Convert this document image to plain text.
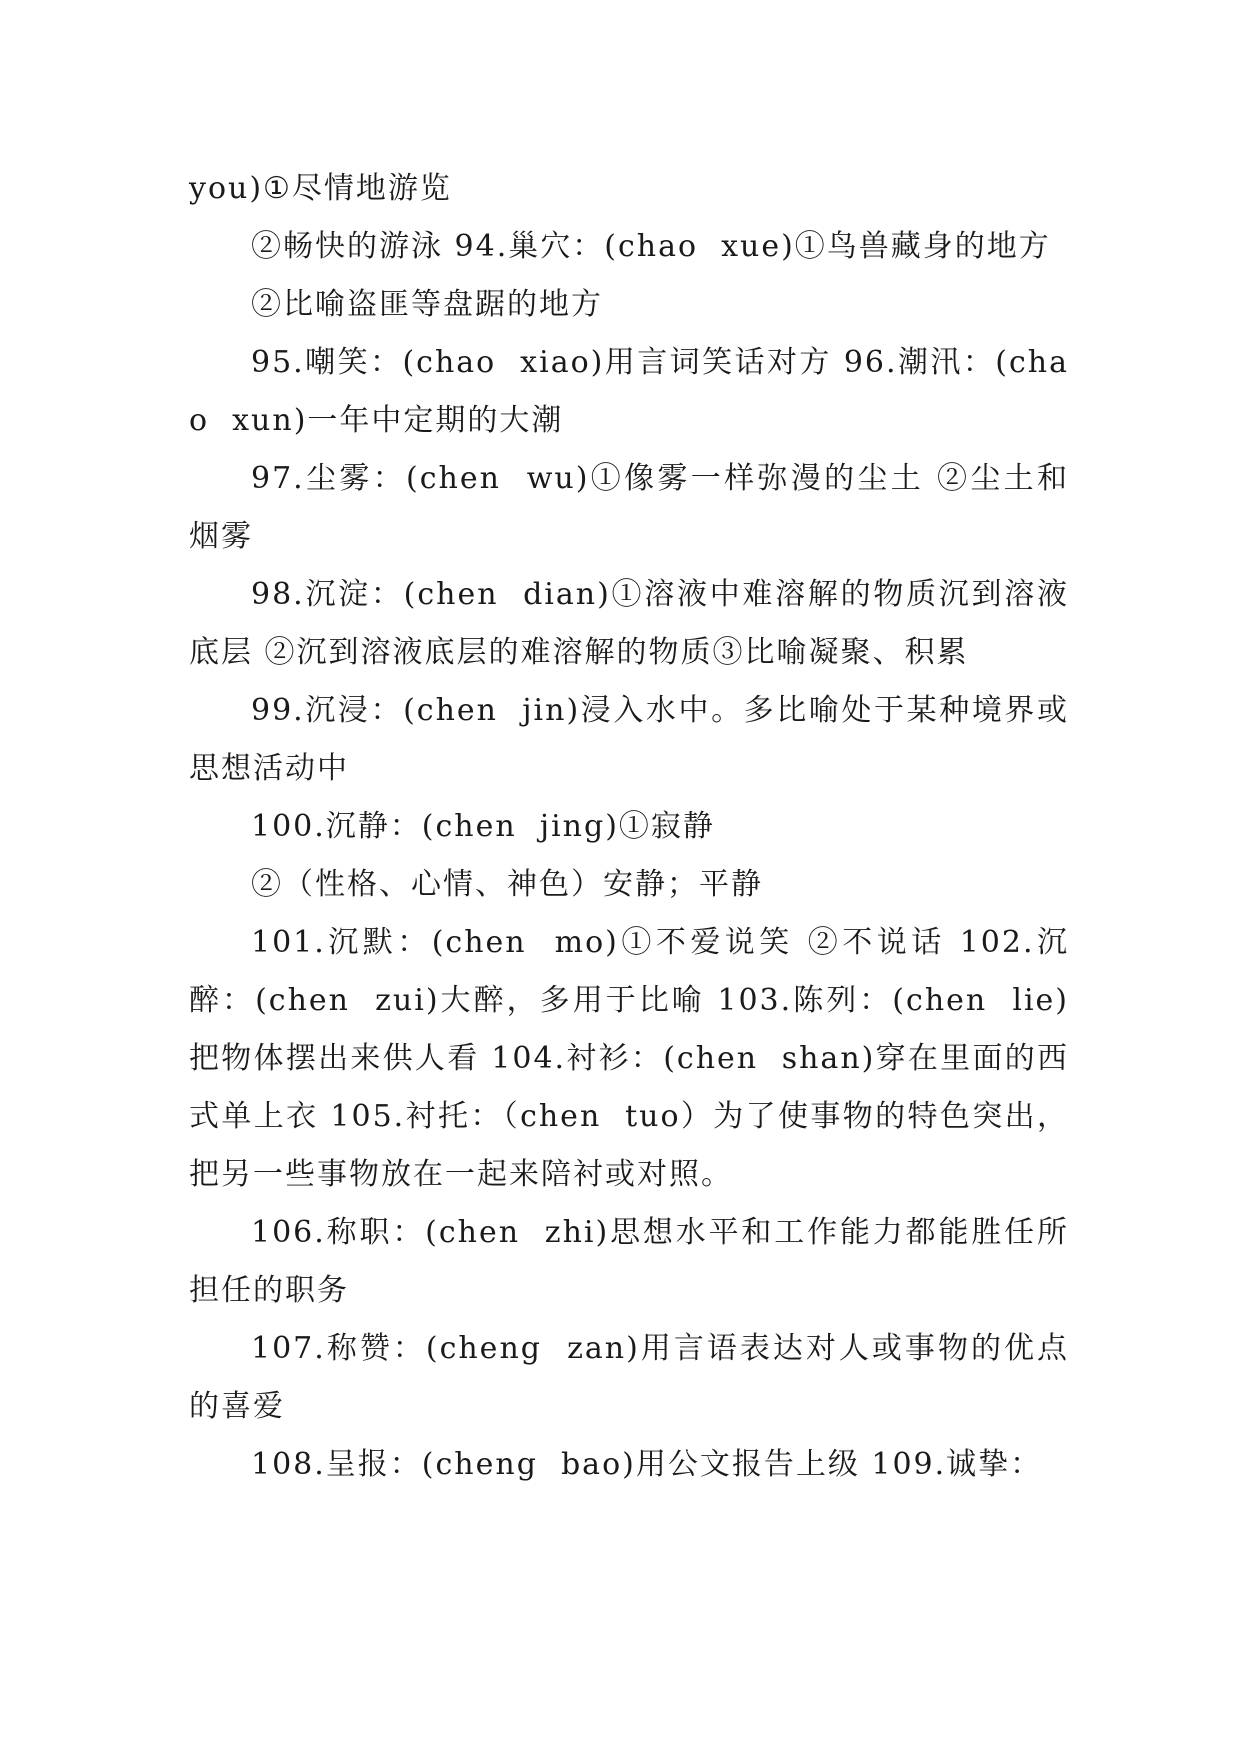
you)①尽情地游览

②畅快的游泳 94.巢穴：(chao  xue)①鸟兽藏身的地方

②比喻盗匪等盘踞的地方

95.嘲笑：(chao  xiao)用言词笑话对方 96.潮汛：(chao  xun)一年中定期的大潮

97.尘雾：(chen  wu)①像雾一样弥漫的尘土 ②尘土和烟雾

98.沉淀：(chen  dian)①溶液中难溶解的物质沉到溶液底层 ②沉到溶液底层的难溶解的物质③比喻凝聚、积累

99.沉浸：(chen  jin)浸入水中。多比喻处于某种境界或思想活动中

100.沉静：(chen  jing)①寂静

②（性格、心情、神色）安静；平静

101.沉默：(chen  mo)①不爱说笑 ②不说话 102.沉醉：(chen  zui)大醉，多用于比喻 103.陈列：(chen  lie)把物体摆出来供人看 104.衬衫：(chen  shan)穿在里面的西式单上衣 105.衬托：（chen  tuo）为了使事物的特色突出，把另一些事物放在一起来陪衬或对照。

106.称职：(chen  zhi)思想水平和工作能力都能胜任所担任的职务

107.称赞：(cheng  zan)用言语表达对人或事物的优点的喜爱

108.呈报：(cheng  bao)用公文报告上级 109.诚挚：
